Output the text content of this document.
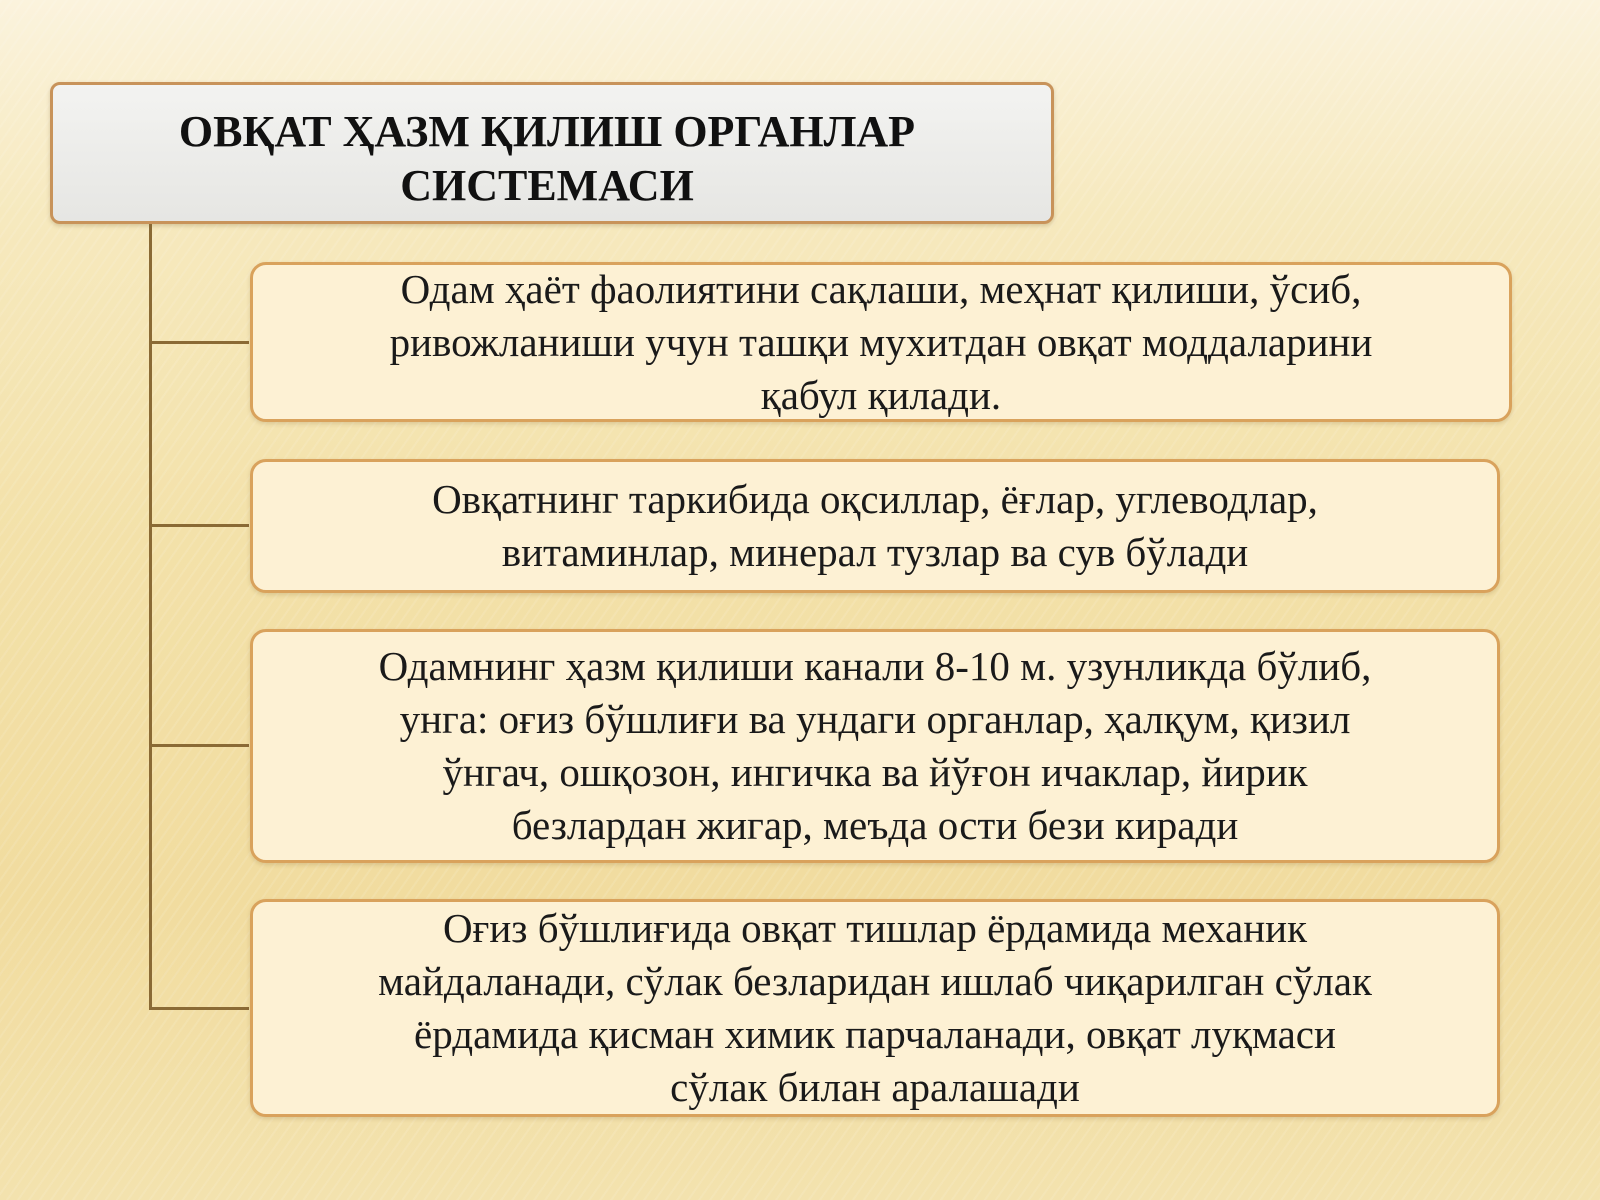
ОВҚАТ ҲАЗМ ҚИЛИШ ОРГАНЛАР
СИСТЕМАСИ
Одам ҳаёт фаолиятини сақлаши, меҳнат қилиши, ўсиб,
ривожланиши учун ташқи мухитдан овқат моддаларини
қабул қилади.
Овқатнинг таркибида оқсиллар, ёғлар, углеводлар,
витаминлар, минерал тузлар ва сув бўлади
Одамнинг ҳазм қилиши канали 8-10 м. узунликда бўлиб,
унга: оғиз бўшлиғи ва ундаги органлар, ҳалқум, қизил
ўнгач, ошқозон, ингичка ва йўғон ичаклар, йирик
безлардан жигар, меъда ости бези киради
Оғиз бўшлиғида овқат тишлар ёрдамида механик
майдаланади, сўлак безларидан ишлаб чиқарилган сўлак
ёрдамида қисман химик парчаланади, овқат луқмаси
сўлак билан аралашади
